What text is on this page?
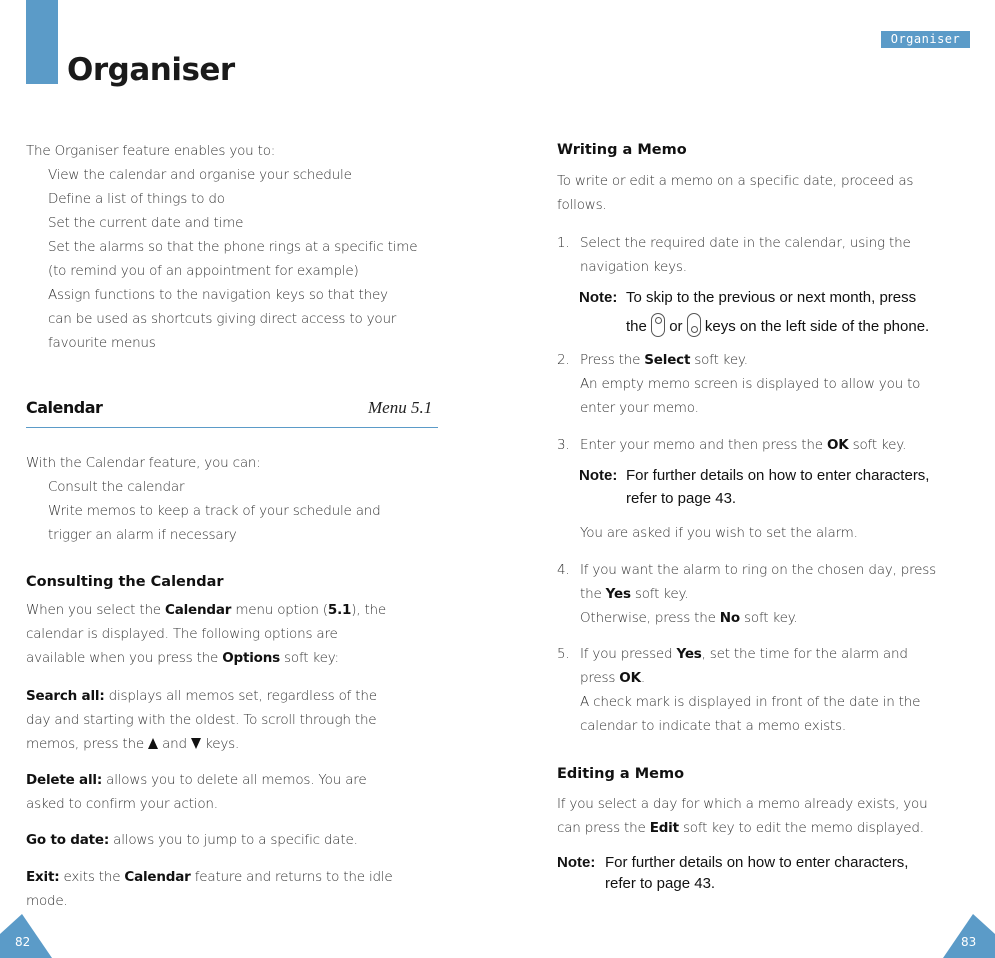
Organiser
Organiser
The Organiser feature enables you to:
View the calendar and organise your schedule
Define a list of things to do
Set the current date and time
Set the alarms so that the phone rings at a specific time
(to remind you of an appointment for example)
Assign functions to the navigation keys so that they
can be used as shortcuts giving direct access to your
favourite menus
Calendar	Menu 5.1
With the Calendar feature, you can:
Consult the calendar
Write memos to keep a track of your schedule and
trigger an alarm if necessary
Consulting the Calendar
When you select the Calendar menu option (5.1), the
calendar is displayed. The following options are
available when you press the Options soft key:
Search all: displays all memos set, regardless of the
day and starting with the oldest. To scroll through the
memos, press the  and  keys.
Delete all: allows you to delete all memos. You are
asked to confirm your action.
Go to date: allows you to jump to a specific date.
Exit: exits the Calendar feature and returns to the idle
mode.
Writing a Memo
To write or edit a memo on a specific date, proceed as
follows.
1. Select the required date in the calendar, using the
navigation keys.
Note: To skip to the previous or next month, press
the or keys on the left side of the phone.
2. Press the Select soft key.
An empty memo screen is displayed to allow you to
enter your memo.
3. Enter your memo and then press the OK soft key.
Note: For further details on how to enter characters,
refer to page 43.
You are asked if you wish to set the alarm.
4. If you want the alarm to ring on the chosen day, press
the Yes soft key.
Otherwise, press the No soft key.
5. If you pressed Yes, set the time for the alarm and
press OK.
A check mark is displayed in front of the date in the
calendar to indicate that a memo exists.
Editing a Memo
If you select a day for which a memo already exists, you
can press the Edit soft key to edit the memo displayed.
Note: For further details on how to enter characters,
refer to page 43.
82	83
